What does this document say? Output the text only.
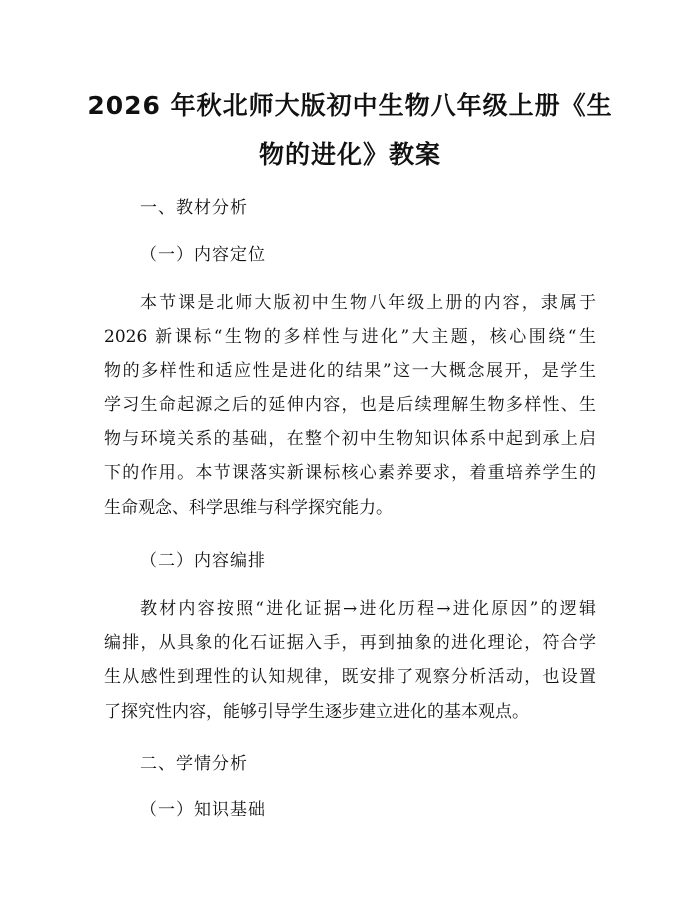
2026 年秋北师大版初中生物八年级上册《生
物的进化》教案
一、教材分析
（一）内容定位
本节课是北师大版初中生物八年级上册的内容，隶属于
2026 新课标“生物的多样性与进化”大主题，核心围绕“生
物的多样性和适应性是进化的结果”这一大概念展开，是学生
学习生命起源之后的延伸内容，也是后续理解生物多样性、生
物与环境关系的基础，在整个初中生物知识体系中起到承上启
下的作用。本节课落实新课标核心素养要求，着重培养学生的
生命观念、科学思维与科学探究能力。
（二）内容编排
教材内容按照“进化证据→进化历程→进化原因”的逻辑
编排，从具象的化石证据入手，再到抽象的进化理论，符合学
生从感性到理性的认知规律，既安排了观察分析活动，也设置
了探究性内容，能够引导学生逐步建立进化的基本观点。
二、学情分析
（一）知识基础
